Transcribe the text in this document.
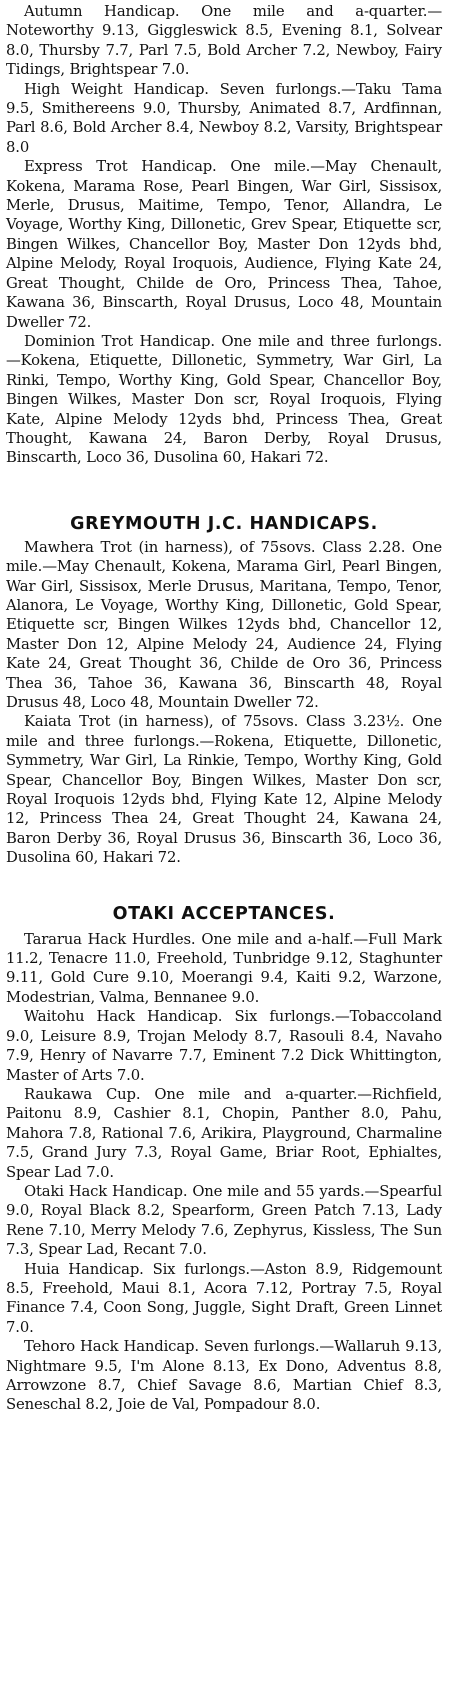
Autumn Handicap. One mile and a-quarter.—Noteworthy 9.13, Giggleswick 8.5, Evening 8.1, Solvear 8.0, Thursby 7.7, Parl 7.5, Bold Archer 7.2, Newboy, Fairy Tidings, Brightspear 7.0.

High Weight Handicap. Seven furlongs.—Taku Tama 9.5, Smithereens 9.0, Thursby, Animated 8.7, Ardfinnan, Parl 8.6, Bold Archer 8.4, Newboy 8.2, Varsity, Brightspear 8.0

Express Trot Handicap. One mile.—May Chenault, Kokena, Marama Rose, Pearl Bingen, War Girl, Sissisox, Merle, Drusus, Maitime, Tempo, Tenor, Allandra, Le Voyage, Worthy King, Dillonetic, Grev Spear, Etiquette scr, Bingen Wilkes, Chancellor Boy, Master Don 12yds bhd, Alpine Melody, Royal Iroquois, Audience, Flying Kate 24, Great Thought, Childe de Oro, Princess Thea, Tahoe, Kawana 36, Binscarth, Royal Drusus, Loco 48, Mountain Dweller 72.

Dominion Trot Handicap. One mile and three furlongs.—Kokena, Etiquette, Dillonetic, Symmetry, War Girl, La Rinki, Tempo, Worthy King, Gold Spear, Chancellor Boy, Bingen Wilkes, Master Don scr, Royal Iroquois, Flying Kate, Alpine Melody 12yds bhd, Princess Thea, Great Thought, Kawana 24, Baron Derby, Royal Drusus, Binscarth, Loco 36, Dusolina 60, Hakari 72.

GREYMOUTH J.C. HANDICAPS.

Mawhera Trot (in harness), of 75sovs. Class 2.28. One mile.—May Chenault, Kokena, Marama Girl, Pearl Bingen, War Girl, Sissisox, Merle Drusus, Maritana, Tempo, Tenor, Alanora, Le Voyage, Worthy King, Dillonetic, Gold Spear, Etiquette scr, Bingen Wilkes 12yds bhd, Chancellor 12, Master Don 12, Alpine Melody 24, Audience 24, Flying Kate 24, Great Thought 36, Childe de Oro 36, Princess Thea 36, Tahoe 36, Kawana 36, Binscarth 48, Royal Drusus 48, Loco 48, Mountain Dweller 72.

Kaiata Trot (in harness), of 75sovs. Class 3.23½. One mile and three furlongs.—Rokena, Etiquette, Dillonetic, Symmetry, War Girl, La Rinkie, Tempo, Worthy King, Gold Spear, Chancellor Boy, Bingen Wilkes, Master Don scr, Royal Iroquois 12yds bhd, Flying Kate 12, Alpine Melody 12, Princess Thea 24, Great Thought 24, Kawana 24, Baron Derby 36, Royal Drusus 36, Binscarth 36, Loco 36, Dusolina 60, Hakari 72.

OTAKI ACCEPTANCES.

Tararua Hack Hurdles. One mile and a-half.—Full Mark 11.2, Tenacre 11.0, Freehold, Tunbridge 9.12, Staghunter 9.11, Gold Cure 9.10, Moerangi 9.4, Kaiti 9.2, Warzone, Modestrian, Valma, Bennanee 9.0.

Waitohu Hack Handicap. Six furlongs.—Tobaccoland 9.0, Leisure 8.9, Trojan Melody 8.7, Rasouli 8.4, Navaho 7.9, Henry of Navarre 7.7, Eminent 7.2 Dick Whittington, Master of Arts 7.0.

Raukawa Cup. One mile and a-quarter.—Richfield, Paitonu 8.9, Cashier 8.1, Chopin, Panther 8.0, Pahu, Mahora 7.8, Rational 7.6, Arikira, Playground, Charmaline 7.5, Grand Jury 7.3, Royal Game, Briar Root, Ephialtes, Spear Lad 7.0.

Otaki Hack Handicap. One mile and 55 yards.—Spearful 9.0, Royal Black 8.2, Spearform, Green Patch 7.13, Lady Rene 7.10, Merry Melody 7.6, Zephyrus, Kissless, The Sun 7.3, Spear Lad, Recant 7.0.

Huia Handicap. Six furlongs.—Aston 8.9, Ridgemount 8.5, Freehold, Maui 8.1, Acora 7.12, Portray 7.5, Royal Finance 7.4, Coon Song, Juggle, Sight Draft, Green Linnet 7.0.

Tehoro Hack Handicap. Seven furlongs.—Wallaruh 9.13, Nightmare 9.5, I'm Alone 8.13, Ex Dono, Adventus 8.8, Arrowzone 8.7, Chief Savage 8.6, Martian Chief 8.3, Seneschal 8.2, Joie de Val, Pompadour 8.0.
